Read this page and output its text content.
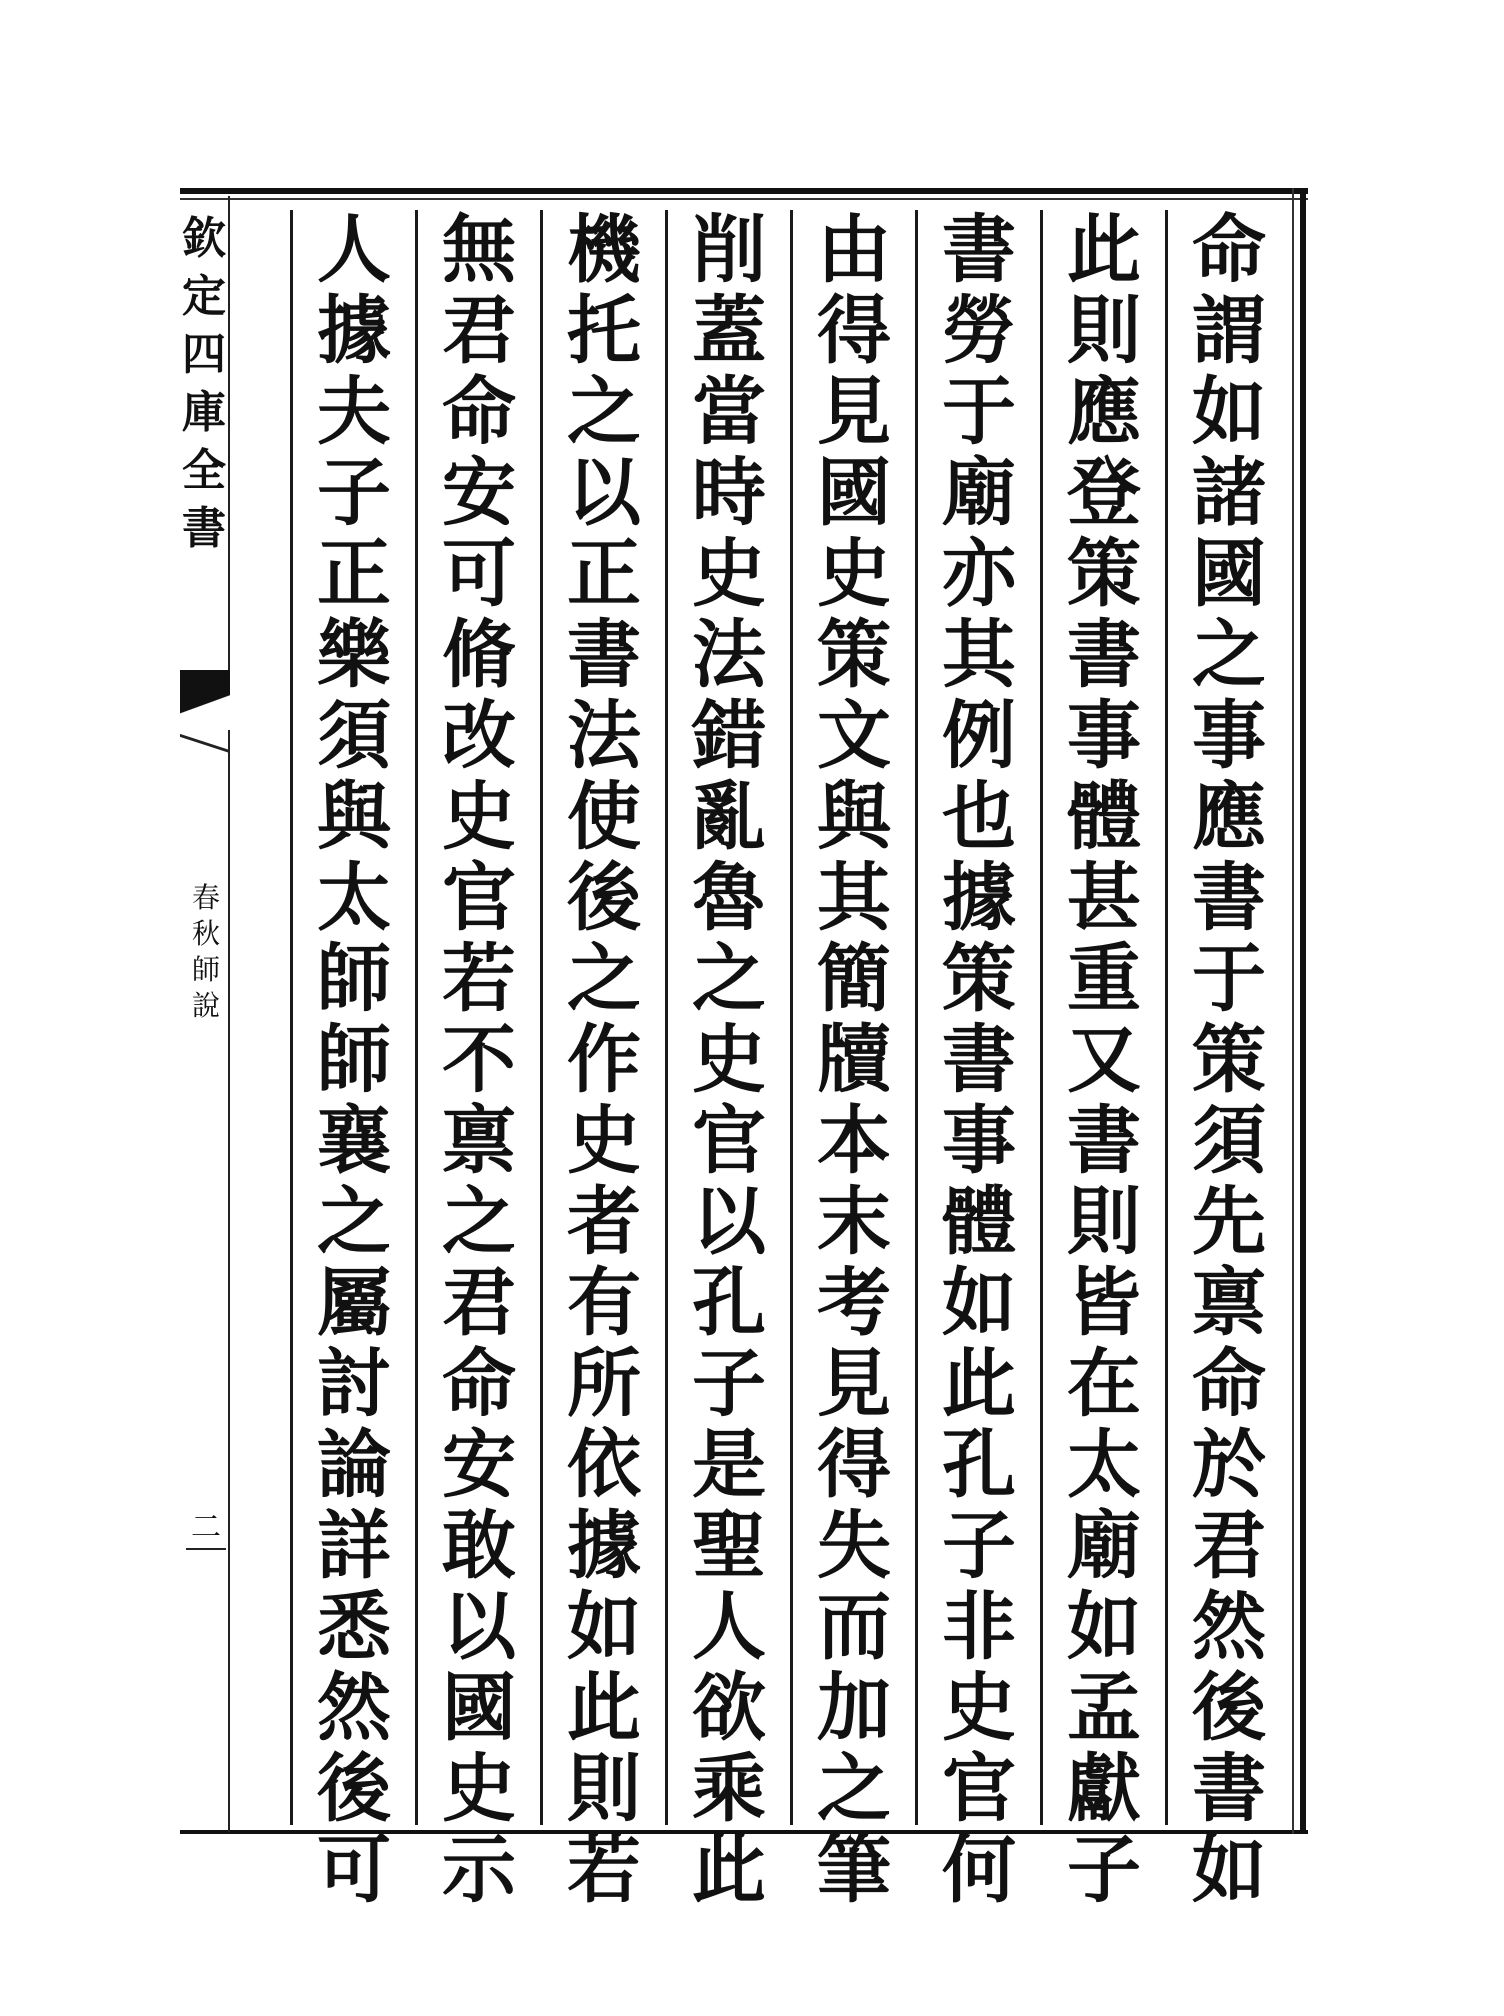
欽
定
四
庫
全
書
春
秋
師
說
二
命
謂
如
諸
國
之
事
應
書
于
策
須
先
禀
命
於
君
然
後
書
如
此
則
應
登
策
書
事
體
甚
重
又
書
則
皆
在
太
廟
如
孟
獻
子
書
勞
于
廟
亦
其
例
也
據
策
書
事
體
如
此
孔
子
非
史
官
何
由
得
見
國
史
策
文
與
其
簡
牘
本
末
考
見
得
失
而
加
之
筆
削
蓋
當
時
史
法
錯
亂
魯
之
史
官
以
孔
子
是
聖
人
欲
乘
此
機
托
之
以
正
書
法
使
後
之
作
史
者
有
所
依
據
如
此
則
若
無
君
命
安
可
脩
改
史
官
若
不
禀
之
君
命
安
敢
以
國
史
示
人
據
夫
子
正
樂
須
與
太
師
師
襄
之
屬
討
論
詳
悉
然
後
可
